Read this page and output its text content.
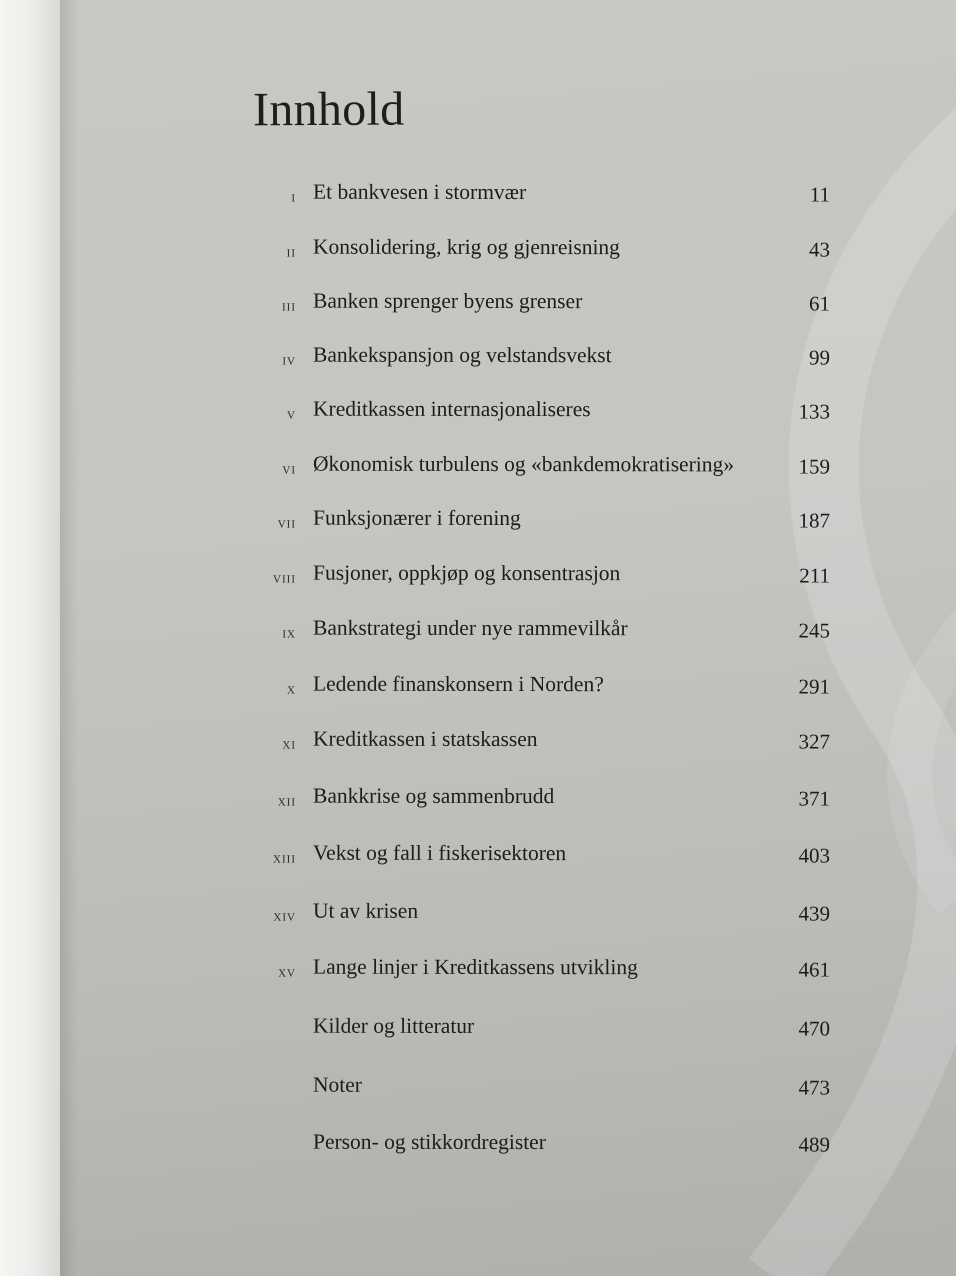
Innhold
i Et bankvesen i stormvær	11
ii Konsolidering, krig og gjenreisning	43
iii Banken sprenger byens grenser	61
iv Bankekspansjon og velstandsvekst	99
v Kreditkassen internasjonaliseres	133
vi Økonomisk turbulens og «bankdemokratisering»	159
vii Funksjonærer i forening	187
viii Fusjoner, oppkjøp og konsentrasjon	211
ix Bankstrategi under nye rammevilkår	245
x Ledende finanskonsern i Norden?	291
xi Kreditkassen i statskassen	327
xii Bankkrise og sammenbrudd	371
xiii Vekst og fall i fiskerisektoren	403
xiv Ut av krisen	439
xv Lange linjer i Kreditkassens utvikling	461
Kilder og litteratur	470
Noter	473
Person- og stikkordregister	489
